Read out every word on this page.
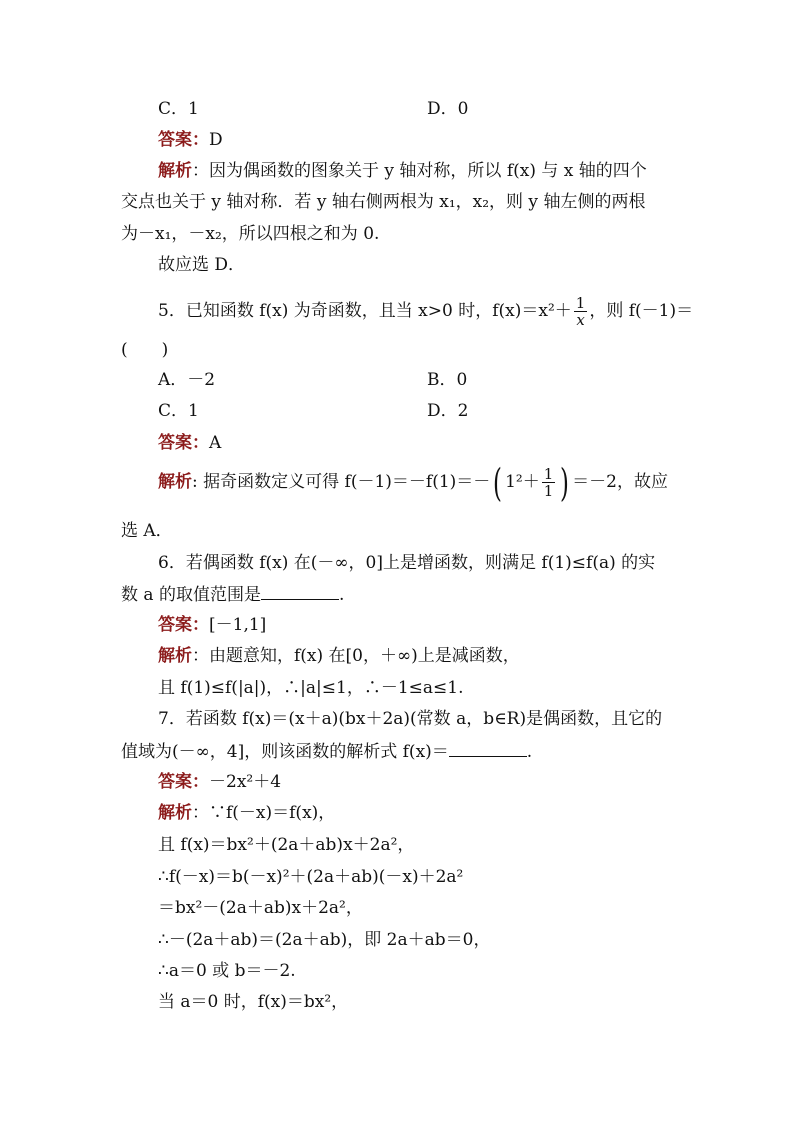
C．1	D．0
答案：D
解析：因为偶函数的图象关于 y 轴对称，所以 f(x) 与 x 轴的四个
交点也关于 y 轴对称．若 y 轴右侧两根为 x₁，x₂，则 y 轴左侧的两根
为－x₁，－x₂，所以四根之和为 0.
故应选 D．
5．已知函数 f(x) 为奇函数，且当 x>0 时，$f(x)=x^2+ \frac{1}{x}$ ，则 f(－1)＝
(　　)
A．－2	B．0
C．1	D．2
答案：A
解析: 据奇函数定义可得 f(－1)＝－f(1)＝－( $1^2+ \frac{1}{1}$ ) ＝－2，故应
选 A．
6．若偶函数 f(x) 在(－∞，0]上是增函数，则满足 f(1)≤f(a) 的实
数 a 的取值范围是	.
答案：[－1,1]
解析：由题意知，f(x) 在[0，＋∞)上是减函数，
且 f(1)≤f(|a|)，∴|a|≤1，∴－1≤a≤1.
7．若函数 f(x)＝(x＋a)(bx＋2a)(常数 a，b∈R)是偶函数，且它的
值域为(－∞，4]，则该函数的解析式 f(x)＝	.
答案：－2x²＋4
解析：∵f(－x)＝f(x)，
且 f(x)＝bx²＋(2a＋ab)x＋2a²，
∴f(－x)＝b(－x)²＋(2a＋ab)(－x)＋2a²
＝bx²－(2a＋ab)x＋2a²，
∴－(2a＋ab)＝(2a＋ab)，即 2a＋ab＝0，
∴a＝0 或 b＝－2.
当 a＝0 时，f(x)＝bx²，
